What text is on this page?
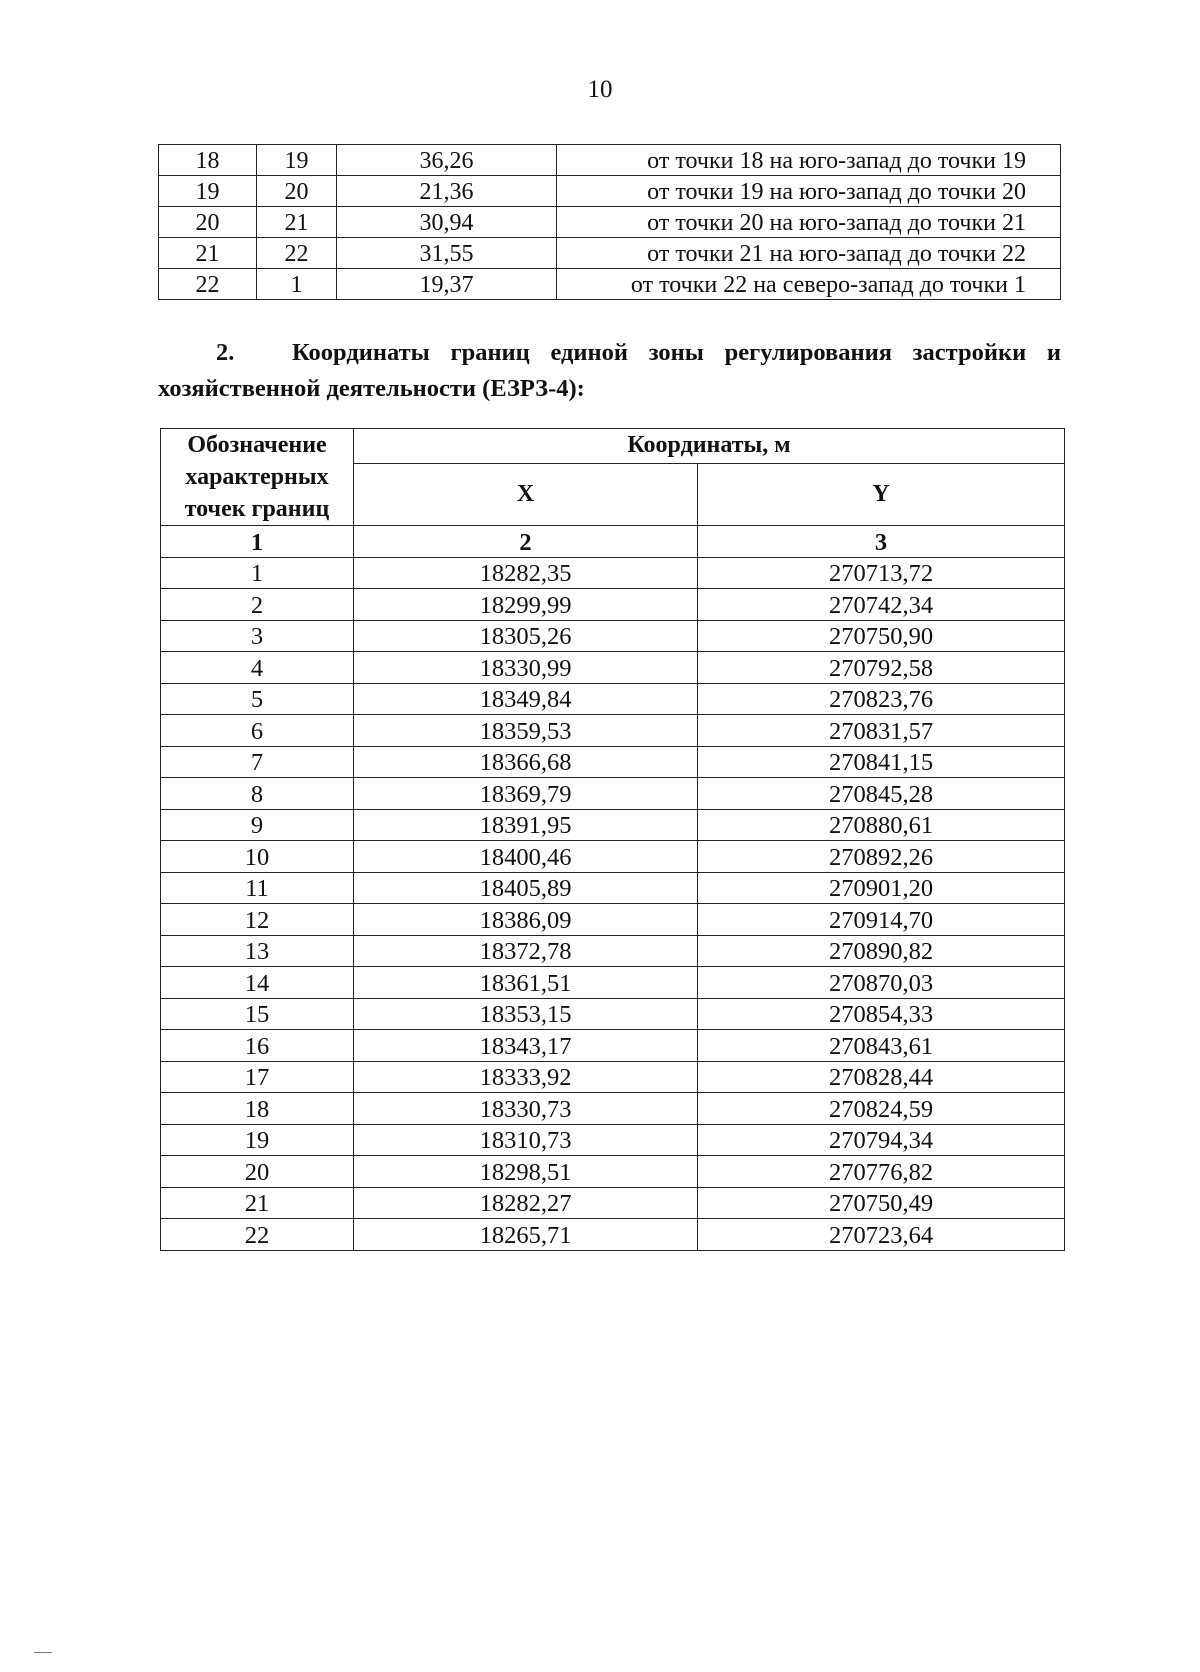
10
18	19	36,26	от точки 18 на юго-запад до точки 19
19	20	21,36	от точки 19 на юго-запад до точки 20
20	21	30,94	от точки 20 на юго-запад до точки 21
21	22	31,55	от точки 21 на юго-запад до точки 22
22	1	19,37	от точки 22 на северо-запад до точки 1
2. Координаты границ единой зоны регулирования застройки и хозяйственной деятельности (ЕЗРЗ-4):
Обозначение характерных точек границ	Координаты, м	
	X	Y
1	2	3
1	18282,35	270713,72
2	18299,99	270742,34
3	18305,26	270750,90
4	18330,99	270792,58
5	18349,84	270823,76
6	18359,53	270831,57
7	18366,68	270841,15
8	18369,79	270845,28
9	18391,95	270880,61
10	18400,46	270892,26
11	18405,89	270901,20
12	18386,09	270914,70
13	18372,78	270890,82
14	18361,51	270870,03
15	18353,15	270854,33
16	18343,17	270843,61
17	18333,92	270828,44
18	18330,73	270824,59
19	18310,73	270794,34
20	18298,51	270776,82
21	18282,27	270750,49
22	18265,71	270723,64
